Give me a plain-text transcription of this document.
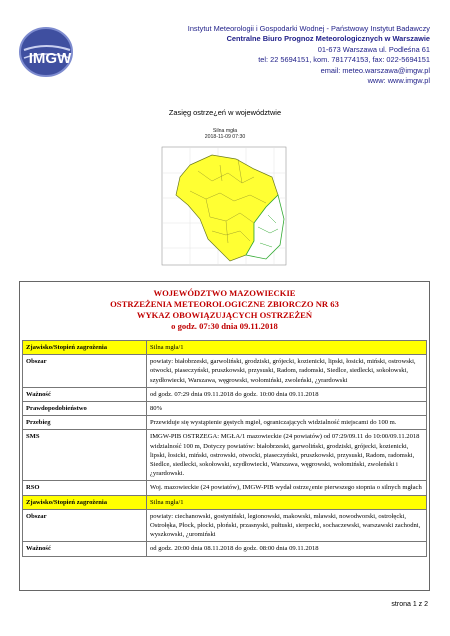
IMGW
Instytut Meteorologii i Gospodarki Wodnej - Państwowy Instytut Badawczy
Centralne Biuro Prognoz Meteorologicznych w Warszawie
01-673 Warszawa ul. Podleśna 61
tel: 22 5694151, kom. 781774153, fax: 022-5694151
email: meteo.warszawa@imgw.pl
www: www.imgw.pl
Zasięg ostrze¿eń w województwie
Silna mgła
2018-11-09 07:30
WOJEWÓDZTWO MAZOWIECKIE
OSTRZEŻENIA METEOROLOGICZNE ZBIORCZO NR 63
WYKAZ OBOWIĄZUJĄCYCH OSTRZEŻEŃ
o godz. 07:30 dnia 09.11.2018
Zjawisko/Stopień zagrożenia	Silna mgła/1
Obszar	powiaty: białobrzeski, garwoliński, grodziski, grójecki, kozienicki, lipski, łosicki, miński, ostrowski, otwocki, piaseczyński, pruszkowski, przysuski, Radom, radomski, Siedlce, siedlecki, sokołowski, szydłowiecki, Warszawa, węgrowski, wołomiński, zwoleński, ¿yrardowski
Ważność	od godz. 07:29 dnia 09.11.2018 do godz. 10:00 dnia 09.11.2018
Prawdopodobieństwo	80%
Przebieg	Przewiduje się wystąpienie gęstych mgieł, ograniczających widzialność miejscami do 100 m.
SMS	IMGW-PIB OSTRZEGA: MGŁA/1 mazowieckie (24 powiatów) od 07:29/09.11 do 10:00/09.11.2018 widzialność 100 m, Dotyczy powiatów: białobrzeski, garwoliński, grodziski, grójecki, kozienicki, lipski, łosicki, miński, ostrowski, otwocki, piaseczyński, pruszkowski, przysuski, Radom, radomski, Siedlce, siedlecki, sokołowski, szydłowiecki, Warszawa, węgrowski, wołomiński, zwoleński i ¿yrardowski.
RSO	Woj. mazowieckie (24 powiatów), IMGW-PIB wydał ostrze¿enie pierwszego stopnia o silnych mgłach
Zjawisko/Stopień zagrożenia	Silna mgła/1
Obszar	powiaty: ciechanowski, gostyniński, legionowski, makowski, mławski, nowodworski, ostrołęcki, Ostrołęka, Płock, płocki, płoński, przasnyski, pułtuski, sierpecki, sochaczewski, warszawski zachodni, wyszkowski, ¿uromiński
Ważność	od godz. 20:00 dnia 08.11.2018 do godz. 08:00 dnia 09.11.2018
strona 1 z 2
